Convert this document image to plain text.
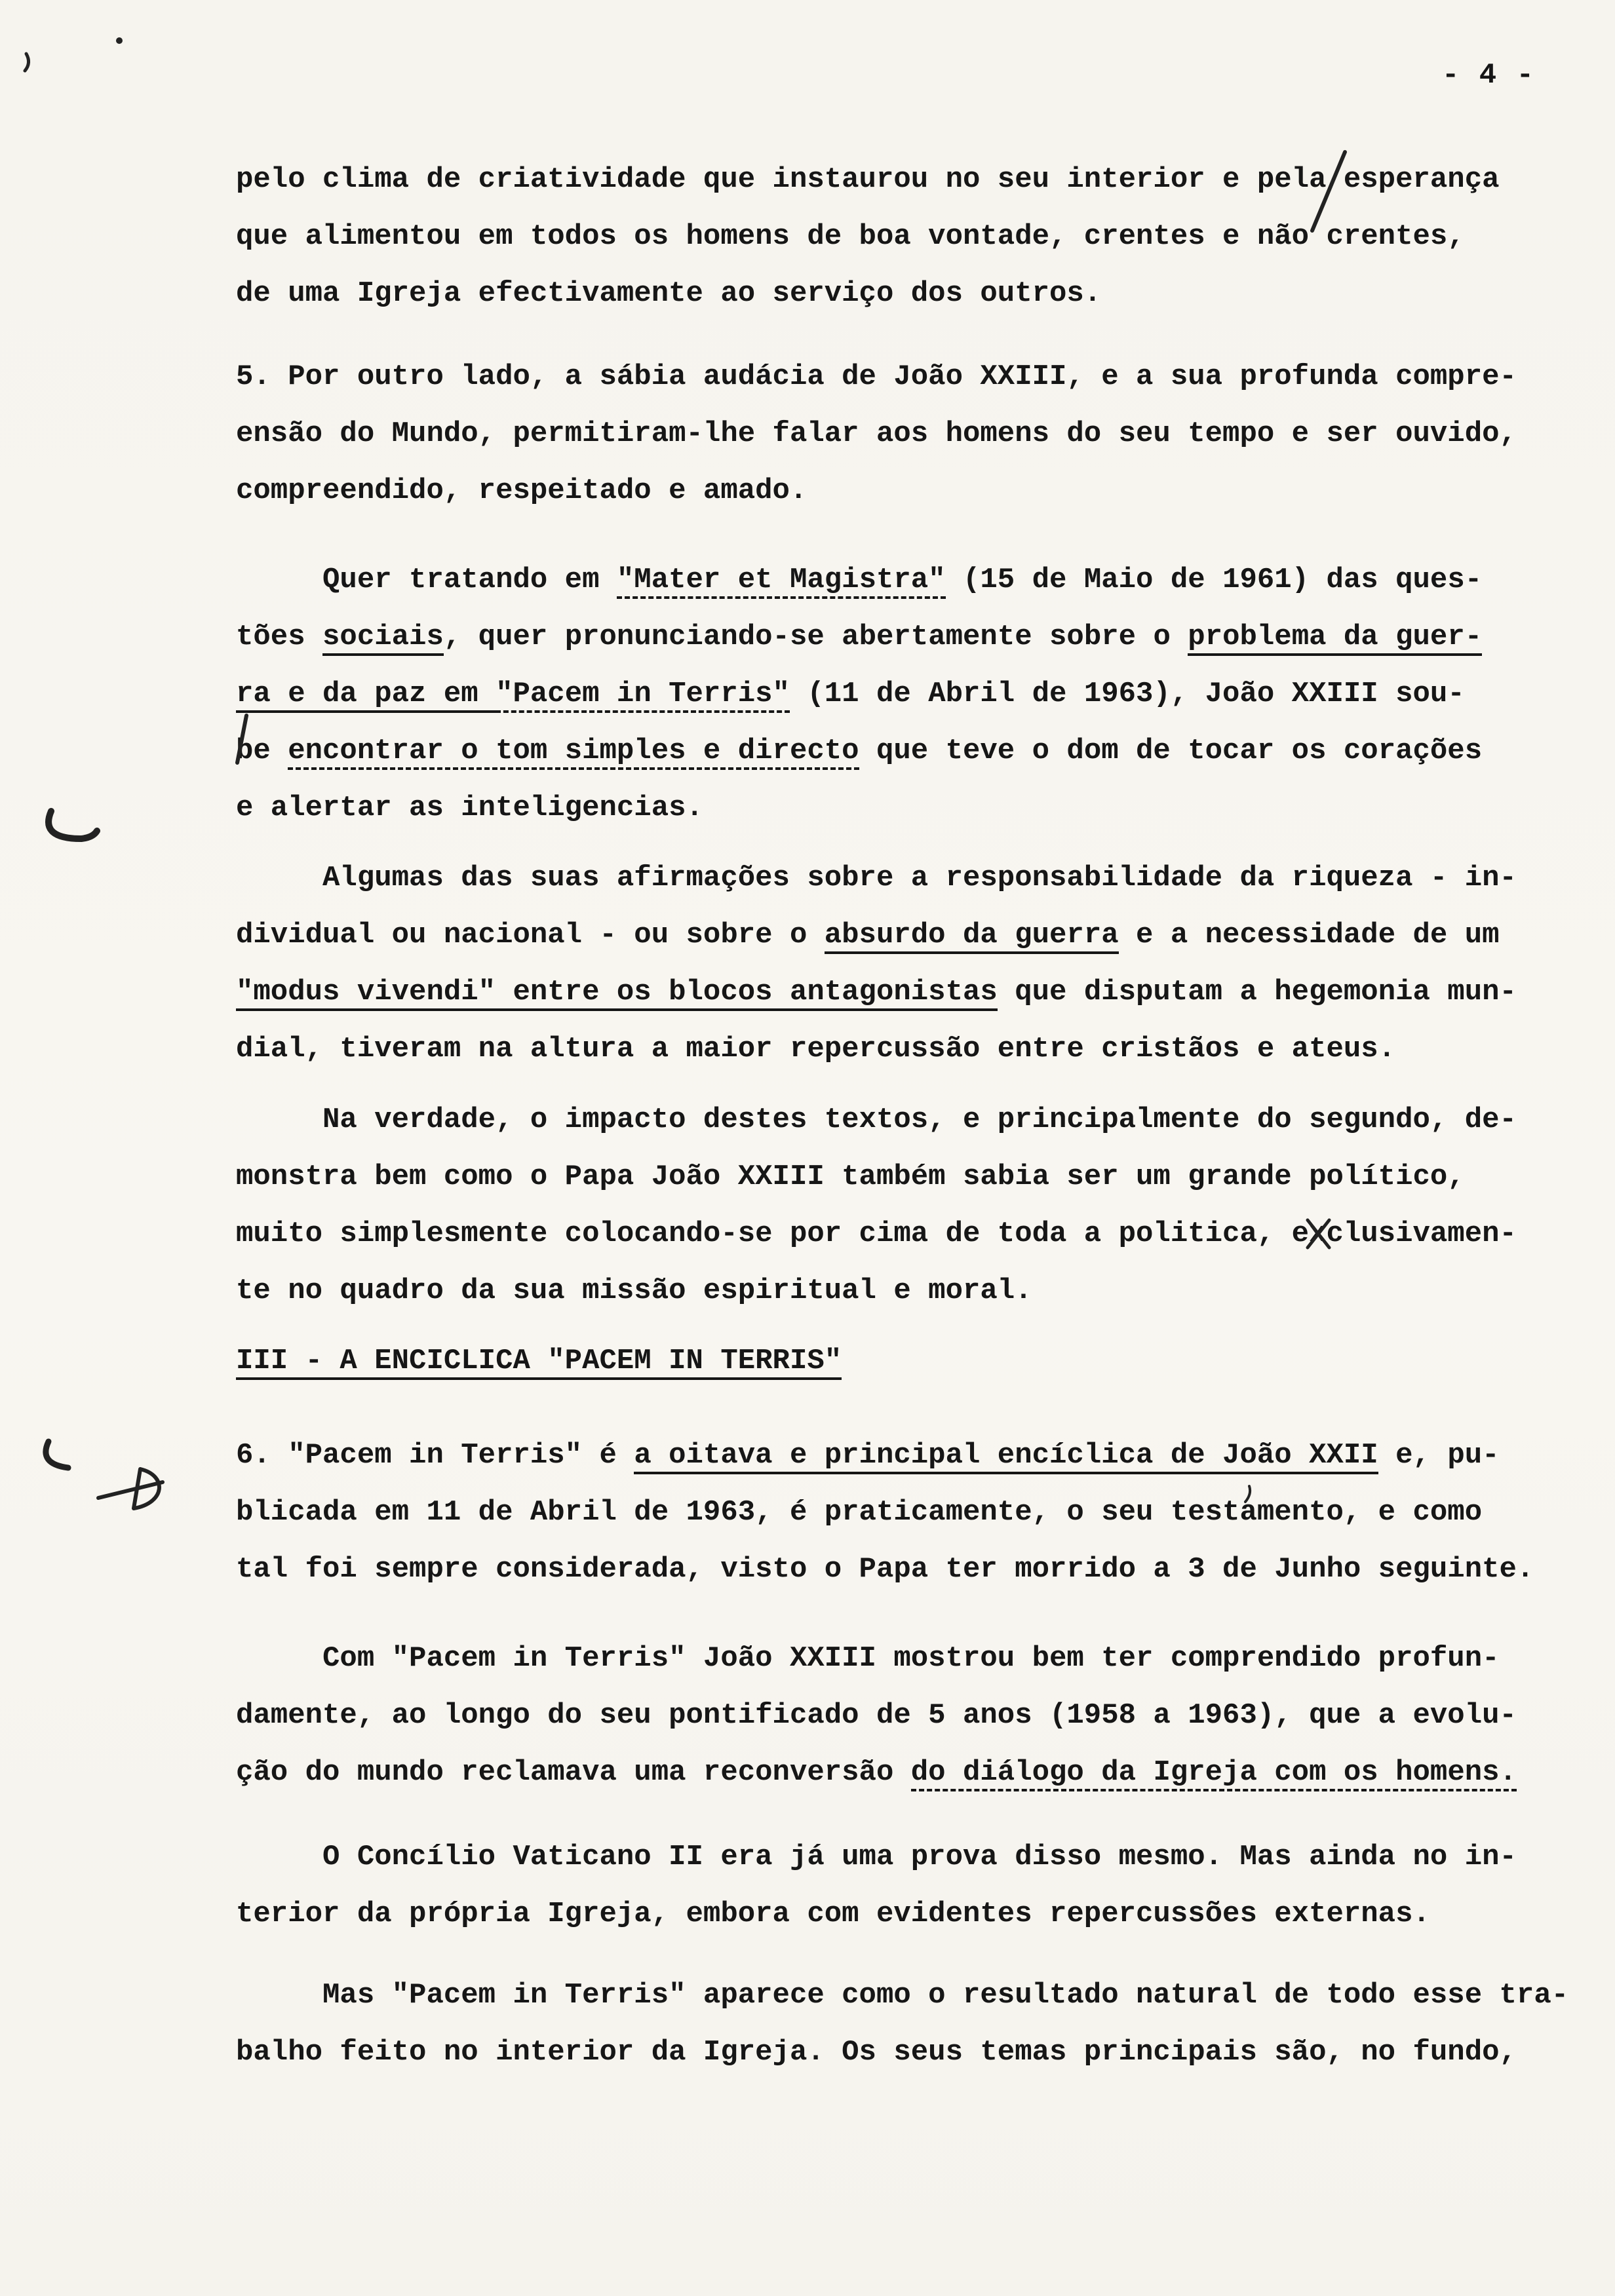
- 4 -
pelo clima de criatividade que instaurou no seu interior e pela esperança
que alimentou em todos os homens de boa vontade, crentes e não crentes,
de uma Igreja efectivamente ao serviço dos outros.
5. Por outro lado, a sábia audácia de João XXIII, e a sua profunda compre-
ensão do Mundo, permitiram-lhe falar aos homens do seu tempo e ser ouvido,
compreendido, respeitado e amado.
Quer tratando em "Mater et Magistra" (15 de Maio de 1961) das ques-
tões sociais, quer pronunciando-se abertamente sobre o problema da guer-
ra e da paz em "Pacem in Terris" (11 de Abril de 1963), João XXIII sou-
be encontrar o tom simples e directo que teve o dom de tocar os corações
e alertar as inteligencias.
Algumas das suas afirmações sobre a responsabilidade da riqueza - in-
dividual ou nacional - ou sobre o absurdo da guerra e a necessidade de um
"modus vivendi" entre os blocos antagonistas que disputam a hegemonia mun-
dial, tiveram na altura a maior repercussão entre cristãos e ateus.
Na verdade, o impacto destes textos, e principalmente do segundo, de-
monstra bem como o Papa João XXIII também sabia ser um grande político,
muito simplesmente colocando-se por cima de toda a politica, exclusivamen-
te no quadro da sua missão espiritual e moral.
III - A ENCICLICA "PACEM IN TERRIS"
6. "Pacem in Terris" é a oitava e principal encíclica de João XXII e, pu-
blicada em 11 de Abril de 1963, é praticamente, o seu testamento, e como
tal foi sempre considerada, visto o Papa ter morrido a 3 de Junho seguinte.
Com "Pacem in Terris" João XXIII mostrou bem ter comprendido profun-
damente, ao longo do seu pontificado de 5 anos (1958 a 1963), que a evolu-
ção do mundo reclamava uma reconversão do diálogo da Igreja com os homens.
O Concílio Vaticano II era já uma prova disso mesmo. Mas ainda no in-
terior da própria Igreja, embora com evidentes repercussões externas.
Mas "Pacem in Terris" aparece como o resultado natural de todo esse tra-
balho feito no interior da Igreja. Os seus temas principais são, no fundo,
